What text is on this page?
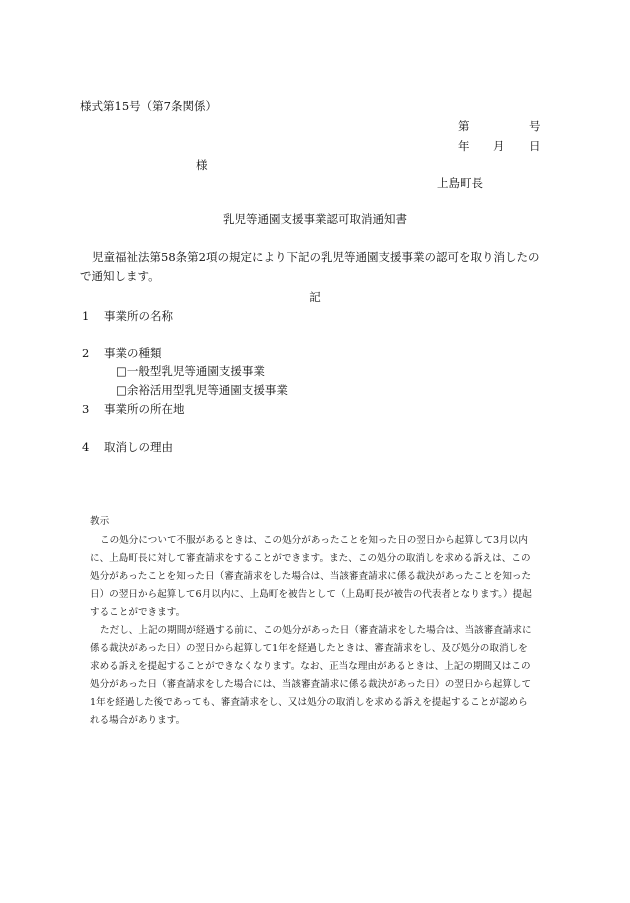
様式第15号（第7条関係）
第	号
年 月 日
様
上島町長
乳児等通園支援事業認可取消通知書
児童福祉法第58条第2項の規定により下記の乳児等通園支援事業の認可を取り消したの
で通知します。
記
1 事業所の名称
2 事業の種類
□一般型乳児等通園支援事業
□余裕活用型乳児等通園支援事業
3 事業所の所在地
4 取消しの理由
教示
この処分について不服があるときは、この処分があったことを知った日の翌日から起算して3月以内
に、上島町長に対して審査請求をすることができます。また、この処分の取消しを求める訴えは、この
処分があったことを知った日（審査請求をした場合は、当該審査請求に係る裁決があったことを知った
日）の翌日から起算して6月以内に、上島町を被告として（上島町長が被告の代表者となります。）提起
することができます。
ただし、上記の期間が経過する前に、この処分があった日（審査請求をした場合は、当該審査請求に
係る裁決があった日）の翌日から起算して1年を経過したときは、審査請求をし、及び処分の取消しを
求める訴えを提起することができなくなります。なお、正当な理由があるときは、上記の期間又はこの
処分があった日（審査請求をした場合には、当該審査請求に係る裁決があった日）の翌日から起算して
1年を経過した後であっても、審査請求をし、又は処分の取消しを求める訴えを提起することが認めら
れる場合があります。
